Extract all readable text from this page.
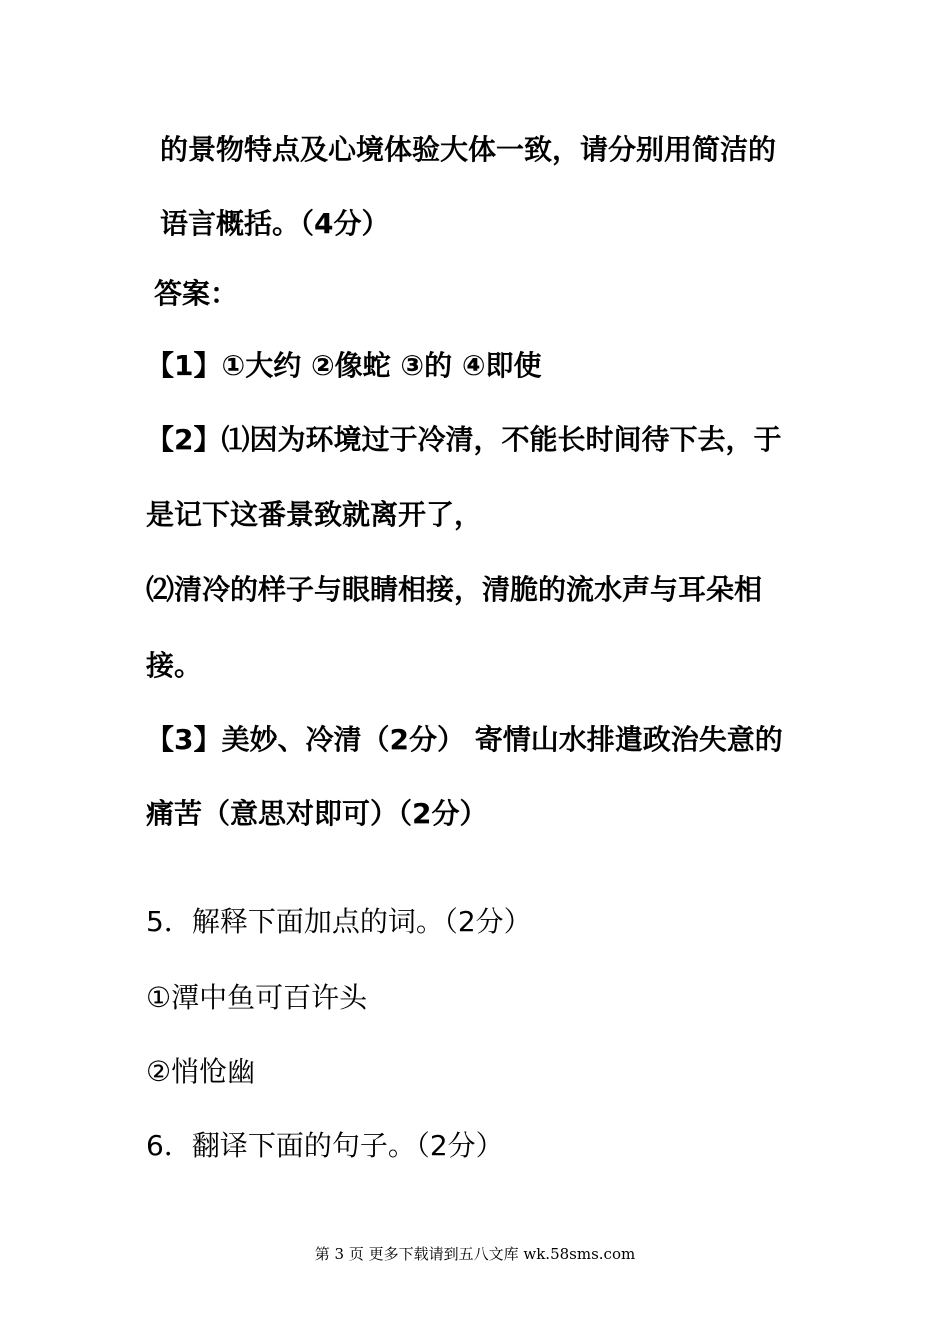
的景物特点及心境体验大体一致，请分别用简洁的
语言概括。（4分）
答案：
【1】①大约 ②像蛇 ③的 ④即使
【2】⑴因为环境过于冷清，不能长时间待下去，于
是记下这番景致就离开了，
⑵清冷的样子与眼睛相接，清脆的流水声与耳朵相
接。
【3】美妙、冷清（2分） 寄情山水排遣政治失意的
痛苦（意思对即可）（2分）
5．解释下面加点的词。（2分）
①潭中鱼可百许头
②悄怆幽
6．翻译下面的句子。（2分）
第 3 页 更多下载请到五八文库 wk.58sms.com
